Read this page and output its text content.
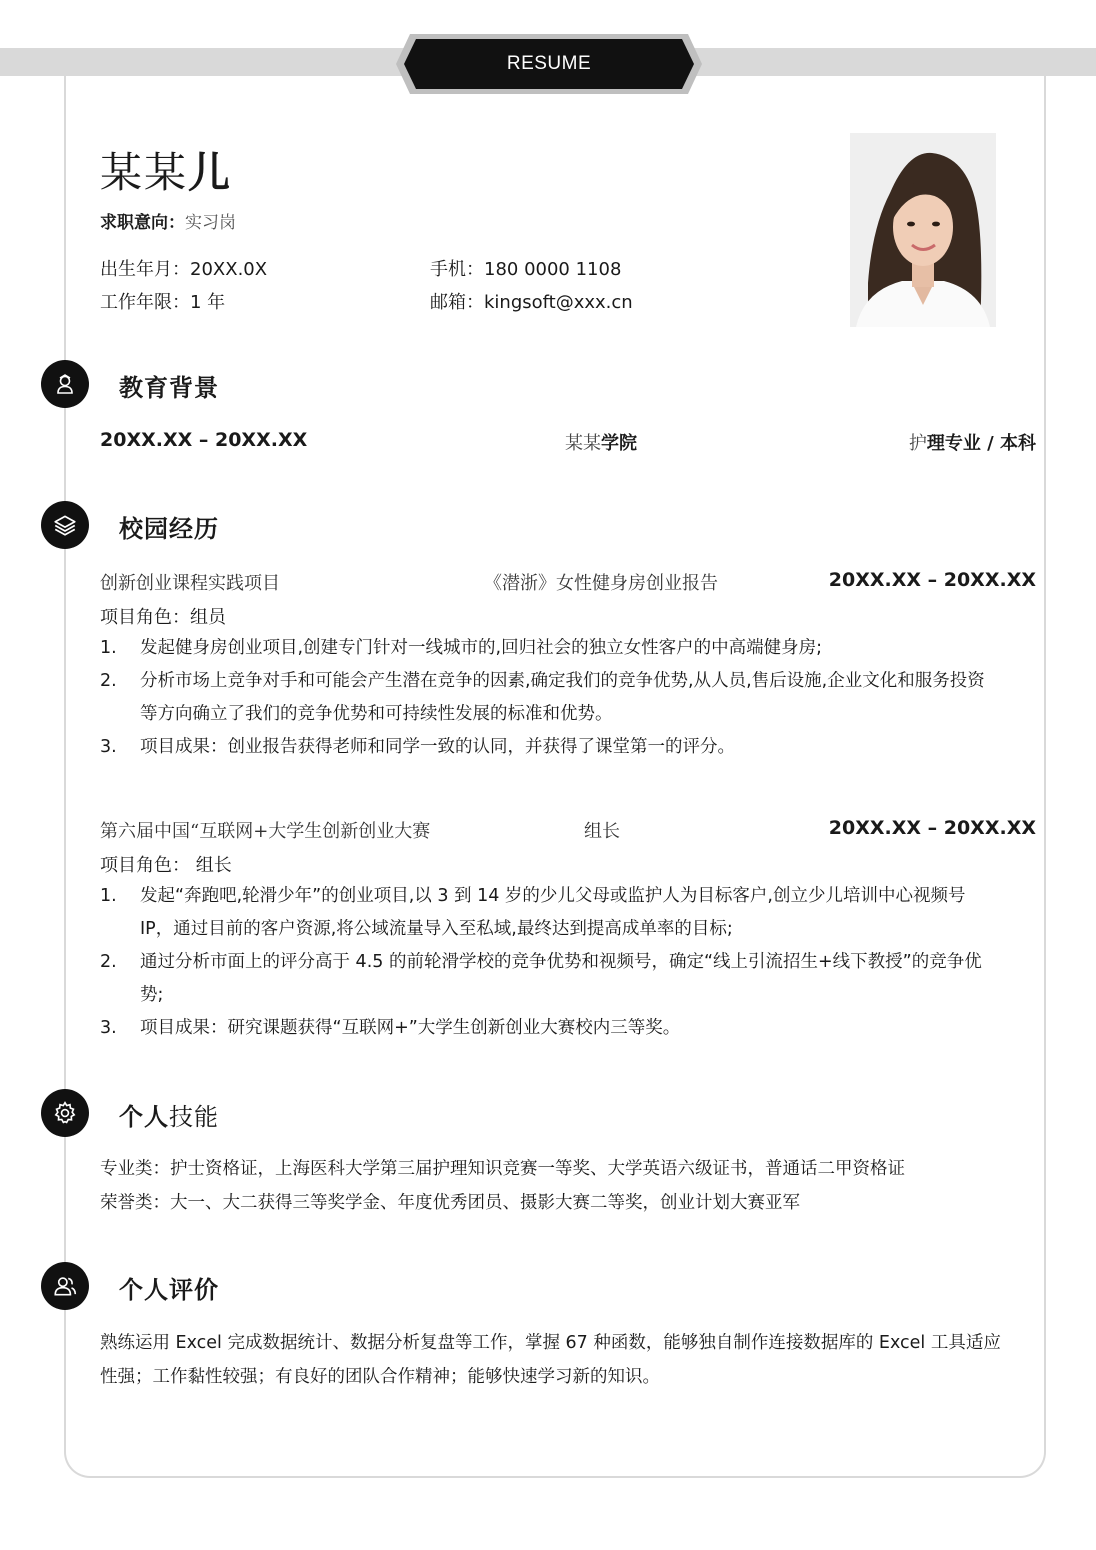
RESUME
某某儿
求职意向：实习岗
出生年月：20XX.0X
工作年限：1 年
手机：180 0000 1108
邮箱：kingsoft@xxx.cn
教育背景
20XX.XX – 20XX.XX	某某学院	护理专业 / 本科
校园经历
创新创业课程实践项目	《潜浙》女性健身房创业报告	20XX.XX – 20XX.XX
项目角色：组员
1. 发起健身房创业项目,创建专门针对一线城市的,回归社会的独立女性客户的中高端健身房;
2. 分析市场上竞争对手和可能会产生潜在竞争的因素,确定我们的竞争优势,从人员,售后设施,企业文化和服务投资等方向确立了我们的竞争优势和可持续性发展的标准和优势。
3. 项目成果：创业报告获得老师和同学一致的认同，并获得了课堂第一的评分。
第六届中国“互联网+大学生创新创业大赛	组长	20XX.XX – 20XX.XX
项目角色： 组长
1. 发起“奔跑吧,轮滑少年”的创业项目,以 3 到 14 岁的少儿父母或监护人为目标客户,创立少儿培训中心视频号 IP，通过目前的客户资源,将公域流量导入至私域,最终达到提高成单率的目标;
2. 通过分析市面上的评分高于 4.5 的前轮滑学校的竞争优势和视频号，确定“线上引流招生+线下教授”的竞争优势;
3. 项目成果：研究课题获得“互联网+”大学生创新创业大赛校内三等奖。
个人技能
专业类：护士资格证，上海医科大学第三届护理知识竞赛一等奖、大学英语六级证书，普通话二甲资格证
荣誉类：大一、大二获得三等奖学金、年度优秀团员、摄影大赛二等奖，创业计划大赛亚军
个人评价
熟练运用 Excel 完成数据统计、数据分析复盘等工作，掌握 67 种函数，能够独自制作连接数据库的 Excel 工具适应性强；工作黏性较强；有良好的团队合作精神；能够快速学习新的知识。
